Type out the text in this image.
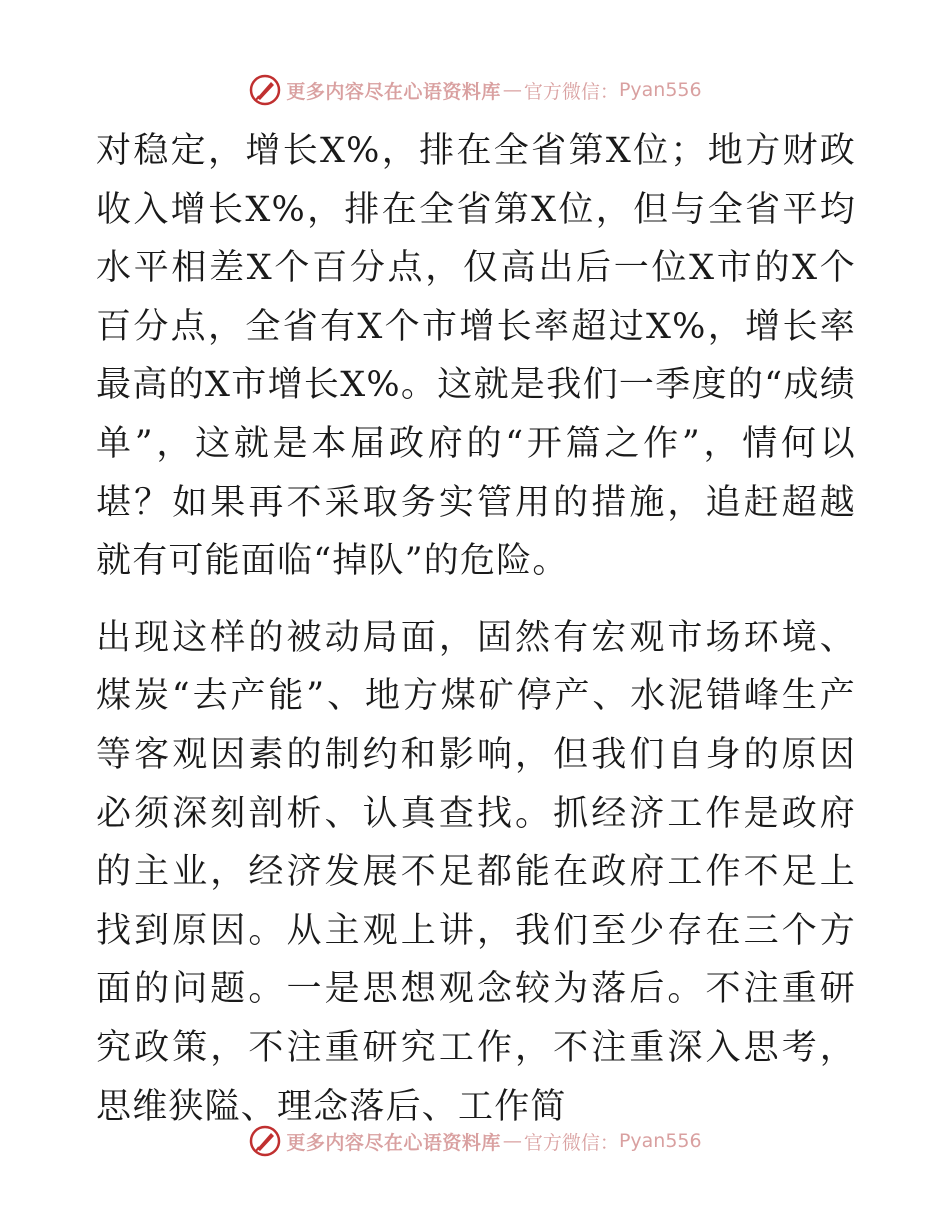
更多内容尽在心语资料库 — 官方微信： Pyan556

对稳定，增长X%，排在全省第X位；地方财政收入增长X%，排在全省第X位，但与全省平均水平相差X个百分点，仅高出后一位X市的X个百分点，全省有X个市增长率超过X%，增长率最高的X市增长X%。这就是我们一季度的“成绩单”，这就是本届政府的“开篇之作”，情何以堪？如果再不采取务实管用的措施，追赶超越就有可能面临“掉队”的危险。

出现这样的被动局面，固然有宏观市场环境、煤炭“去产能”、地方煤矿停产、水泥错峰生产等客观因素的制约和影响，但我们自身的原因必须深刻剖析、认真查找。抓经济工作是政府的主业，经济发展不足都能在政府工作不足上找到原因。从主观上讲，我们至少存在三个方面的问题。一是思想观念较为落后。不注重研究政策，不注重研究工作，不注重深入思考，思维狭隘、理念落后、工作简

更多内容尽在心语资料库 — 官方微信： Pyan556
